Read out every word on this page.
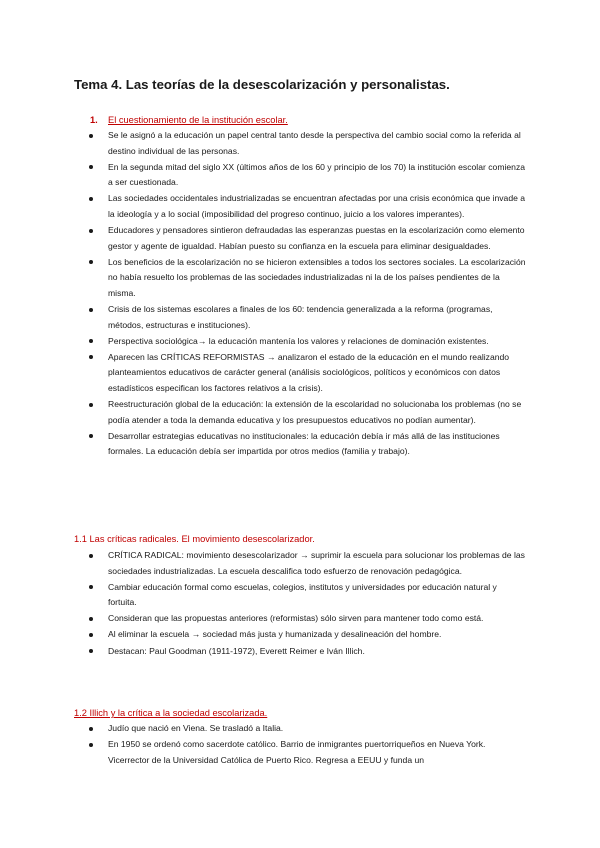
Tema 4. Las teorías de la desescolarización y personalistas.
1. El cuestionamiento de la institución escolar.
Se le asignó a la educación un papel central tanto desde la perspectiva del cambio social como la referida al destino individual de las personas.
En la segunda mitad del siglo XX (últimos años de los 60 y principio de los 70) la institución escolar comienza a ser cuestionada.
Las sociedades occidentales industrializadas se encuentran afectadas por una crisis económica que invade a la ideología y a lo social (imposibilidad del progreso continuo, juicio a los valores imperantes).
Educadores y pensadores sintieron defraudadas las esperanzas puestas en la escolarización como elemento gestor y agente de igualdad. Habían puesto su confianza en la escuela para eliminar desigualdades.
Los beneficios de la escolarización no se hicieron extensibles a todos los sectores sociales. La escolarización no había resuelto los problemas de las sociedades industrializadas ni la de los países pendientes de la misma.
Crisis de los sistemas escolares a finales de los 60: tendencia generalizada a la reforma (programas, métodos, estructuras e instituciones).
Perspectiva sociológica→ la educación mantenía los valores y relaciones de dominación existentes.
Aparecen las CRÍTICAS REFORMISTAS → analizaron el estado de la educación en el mundo realizando planteamientos educativos de carácter general (análisis sociológicos, políticos y económicos con datos estadísticos especifican los factores relativos a la crisis).
Reestructuración global de la educación: la extensión de la escolaridad no solucionaba los problemas (no se podía atender a toda la demanda educativa y los presupuestos educativos no podían aumentar).
Desarrollar estrategias educativas no institucionales: la educación debía ir más allá de las instituciones formales. La educación debía ser impartida por otros medios (familia y trabajo).
1.1 Las críticas radicales. El movimiento desescolarizador.
CRÍTICA RADICAL: movimiento desescolarizador → suprimir la escuela para solucionar los problemas de las sociedades industrializadas. La escuela descalifica todo esfuerzo de renovación pedagógica.
Cambiar educación formal como escuelas, colegios, institutos y universidades por educación natural y fortuita.
Consideran que las propuestas anteriores (reformistas) sólo sirven para mantener todo como está.
Al eliminar la escuela → sociedad más justa y humanizada y desalineación del hombre.
Destacan: Paul Goodman (1911-1972), Everett Reimer e Iván Illich.
1.2 Illich y la crítica a la sociedad escolarizada.
Judío que nació en Viena. Se trasladó a Italia.
En 1950 se ordenó como sacerdote católico. Barrio de inmigrantes puertorriqueños en Nueva York. Vicerrector de la Universidad Católica de Puerto Rico. Regresa a EEUU y funda un
